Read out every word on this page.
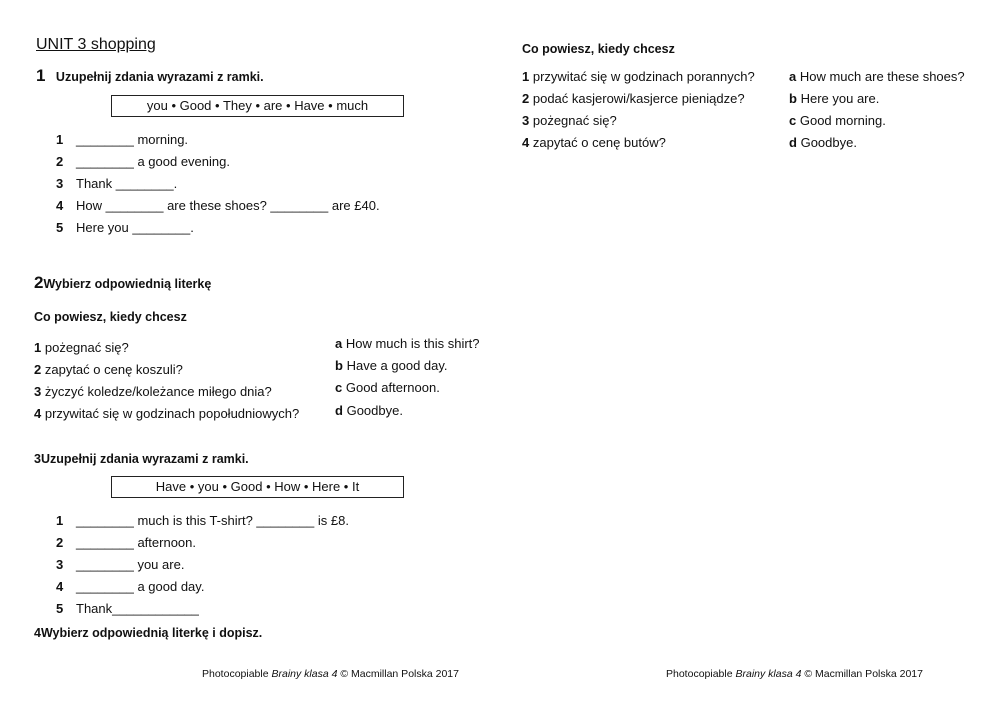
UNIT 3 shopping
1 Uzupełnij zdania wyrazami z ramki.
you • Good • They • are • Have • much
1 ________ morning.
2 ________ a good evening.
3 Thank ________.
4 How ________ are these shoes? ________ are £40.
5 Here you ________.
2Wybierz odpowiednią literkę
Co powiesz, kiedy chcesz
1 pożegnać się?
2 zapytać o cenę koszuli?
3 życzyć koledze/koleżance miłego dnia?
4 przywitać się w godzinach popołudniowych?
a How much is this shirt?
b Have a good day.
c Good afternoon.
d Goodbye.
3Uzupełnij zdania wyrazami z ramki.
Have • you • Good • How • Here • It
1 ________ much is this T-shirt? ________ is £8.
2 ________ afternoon.
3 ________ you are.
4 ________ a good day.
5 Thank____________
4Wybierz odpowiednią literkę i dopisz.
Co powiesz, kiedy chcesz
1 przywitać się w godzinach porannych?
2 podać kasjerowi/kasjerce pieniądze?
3 pożegnać się?
4 zapytać o cenę butów?
a How much are these shoes?
b Here you are.
c Good morning.
d Goodbye.
Photocopiable Brainy klasa 4 © Macmillan Polska 2017	Photocopiable Brainy klasa 4 © Macmillan Polska 2017
